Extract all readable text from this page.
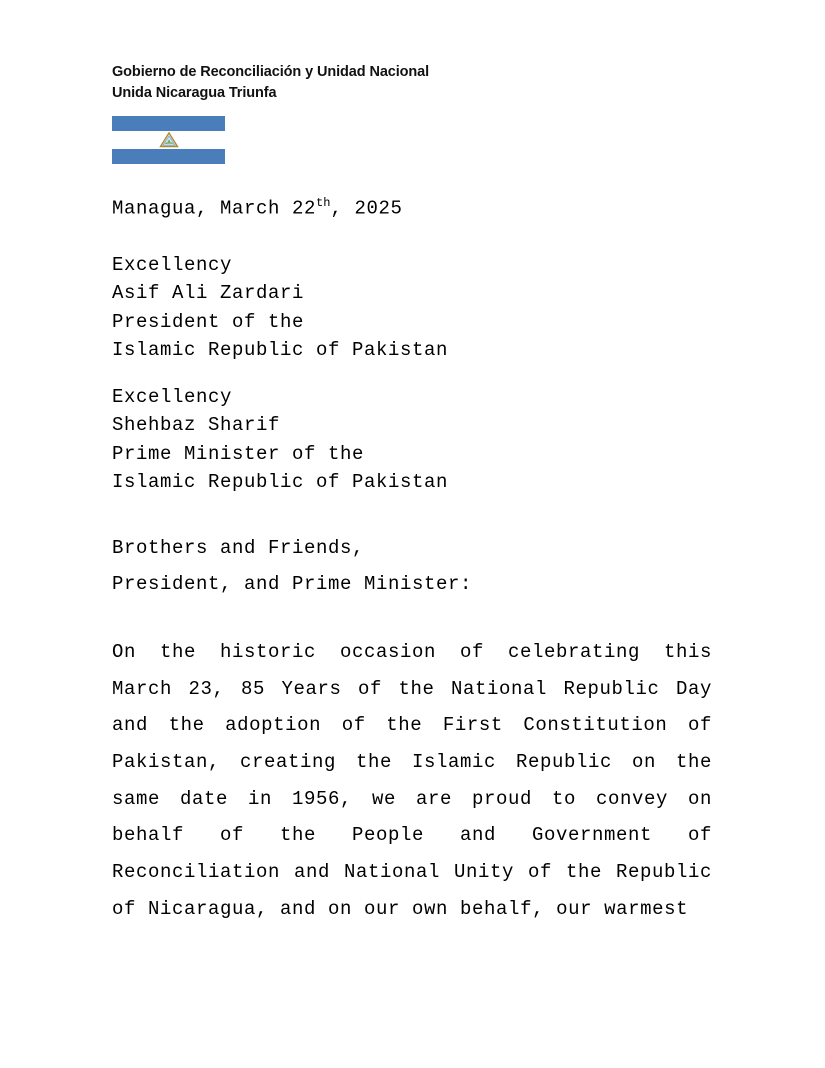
Gobierno de Reconciliación y Unidad Nacional
Unida Nicaragua Triunfa
Managua, March 22th, 2025
Excellency
Asif Ali Zardari
President of the
Islamic Republic of Pakistan
Excellency
Shehbaz Sharif
Prime Minister of the
Islamic Republic of Pakistan
Brothers and Friends,
President, and Prime Minister:
On the historic occasion of celebrating this March 23, 85 Years of the National Republic Day and the adoption of the First Constitution of Pakistan, creating the Islamic Republic on the same date in 1956, we are proud to convey on behalf of the People and Government of Reconciliation and National Unity of the Republic of Nicaragua, and on our own behalf, our warmest
